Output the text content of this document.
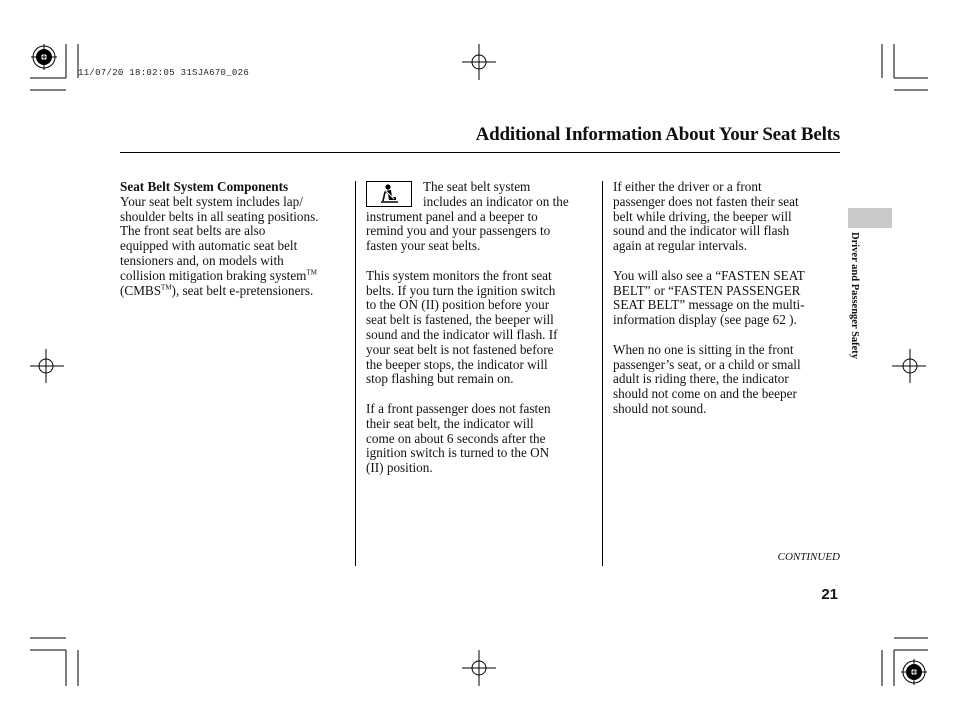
11/07/20 18:02:05 31SJA670_026
Additional Information About Your Seat Belts
Driver and Passenger Safety
Seat Belt System Components
Your seat belt system includes lap/
shoulder belts in all seating positions.
The front seat belts are also
equipped with automatic seat belt
tensioners and, on models with
collision mitigation braking system™
(CMBS™), seat belt e-pretensioners.

The seat belt system
includes an indicator on the
instrument panel and a beeper to
remind you and your passengers to
fasten your seat belts.

This system monitors the front seat
belts. If you turn the ignition switch
to the ON (II) position before your
seat belt is fastened, the beeper will
sound and the indicator will flash. If
your seat belt is not fastened before
the beeper stops, the indicator will
stop flashing but remain on.

If a front passenger does not fasten
their seat belt, the indicator will
come on about 6 seconds after the
ignition switch is turned to the ON
(II) position.

If either the driver or a front
passenger does not fasten their seat
belt while driving, the beeper will
sound and the indicator will flash
again at regular intervals.

You will also see a “FASTEN SEAT
BELT” or “FASTEN PASSENGER
SEAT BELT” message on the multi-
information display (see page 62 ).

When no one is sitting in the front
passenger’s seat, or a child or small
adult is riding there, the indicator
should not come on and the beeper
should not sound.

CONTINUED
21
